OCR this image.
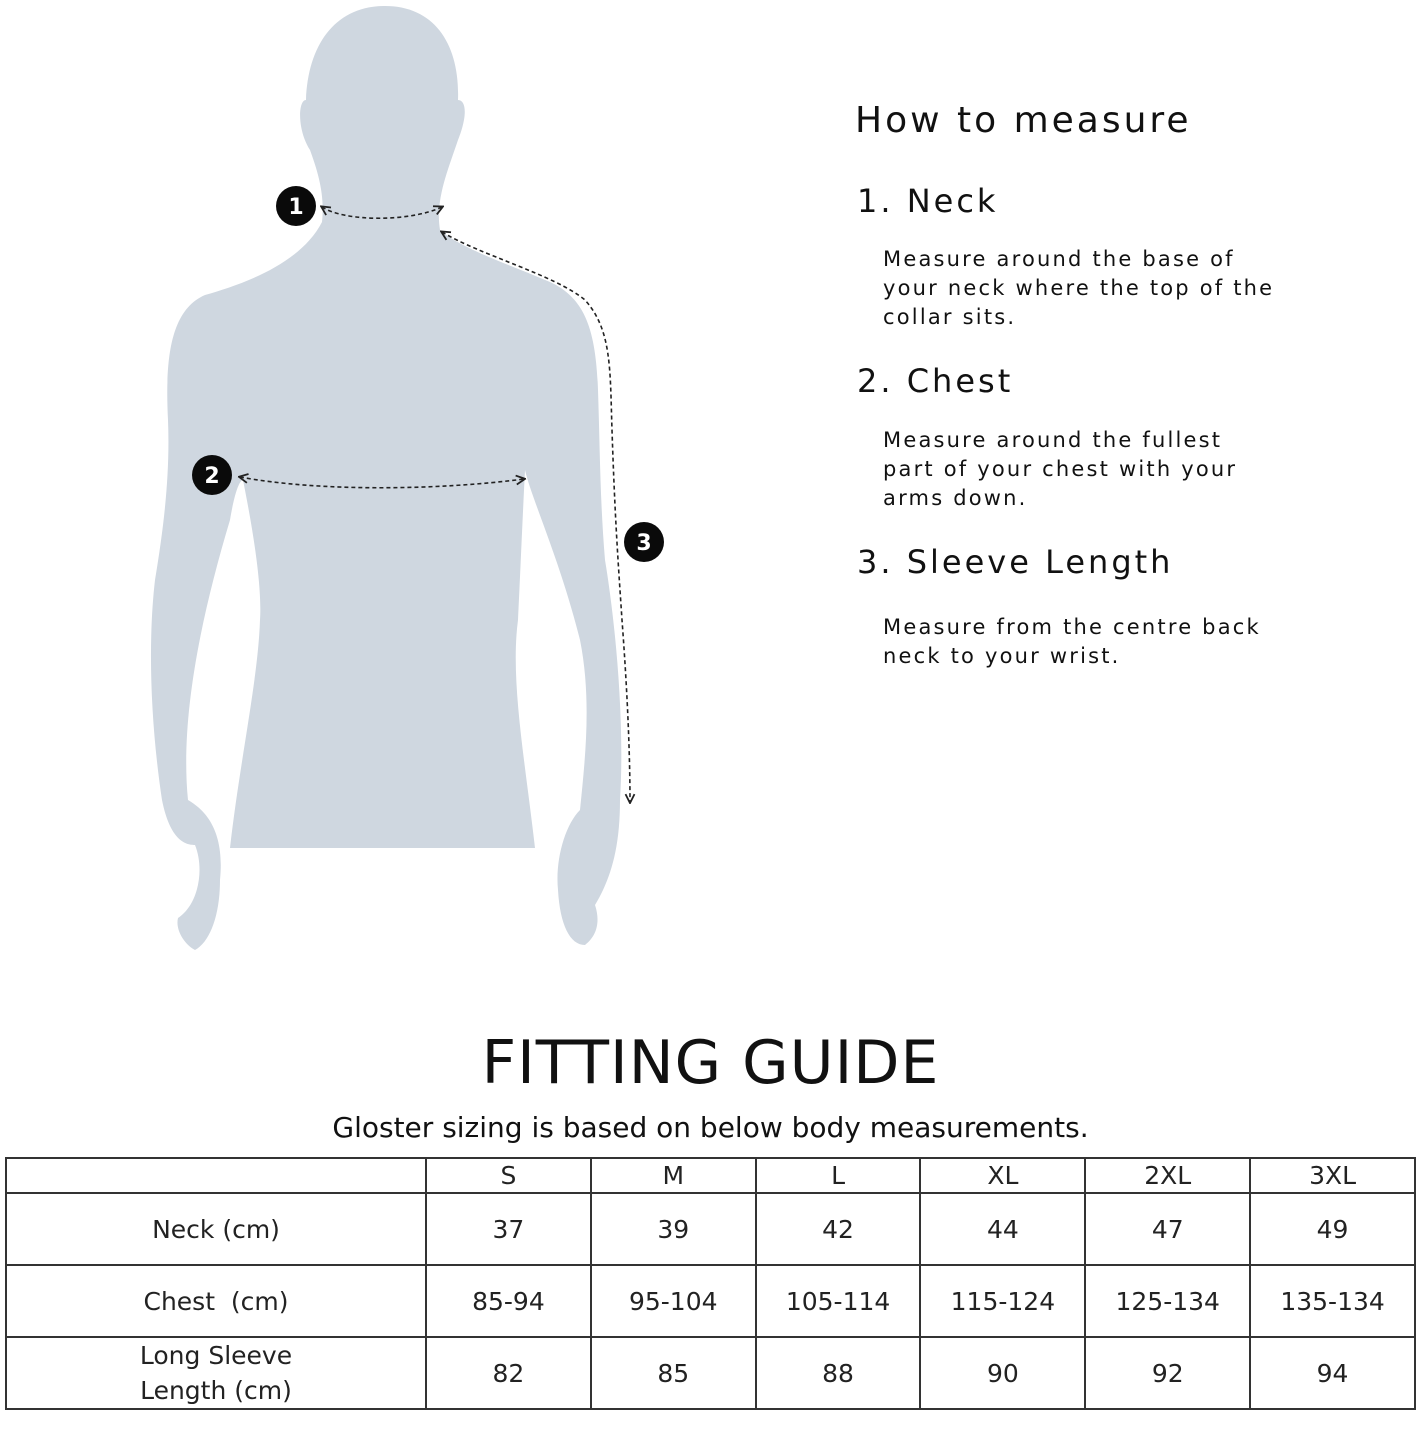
1
2
3
How to measure
1. Neck
Measure around the base of
your neck where the top of the
collar sits.
2. Chest
Measure around the fullest
part of your chest with your
arms down.
3. Sleeve Length
Measure from the centre back
neck to your wrist.
FITTING GUIDE

Gloster sizing is based on below body measurements.

	S	M	L	XL	2XL	3XL

Neck (cm)	37	39	42	44	47	49

Chest  (cm)	85-94	95-104	105-114	115-124	125-134	135-134

Long Sleeve
Length (cm)	82	85	88	90	92	94
